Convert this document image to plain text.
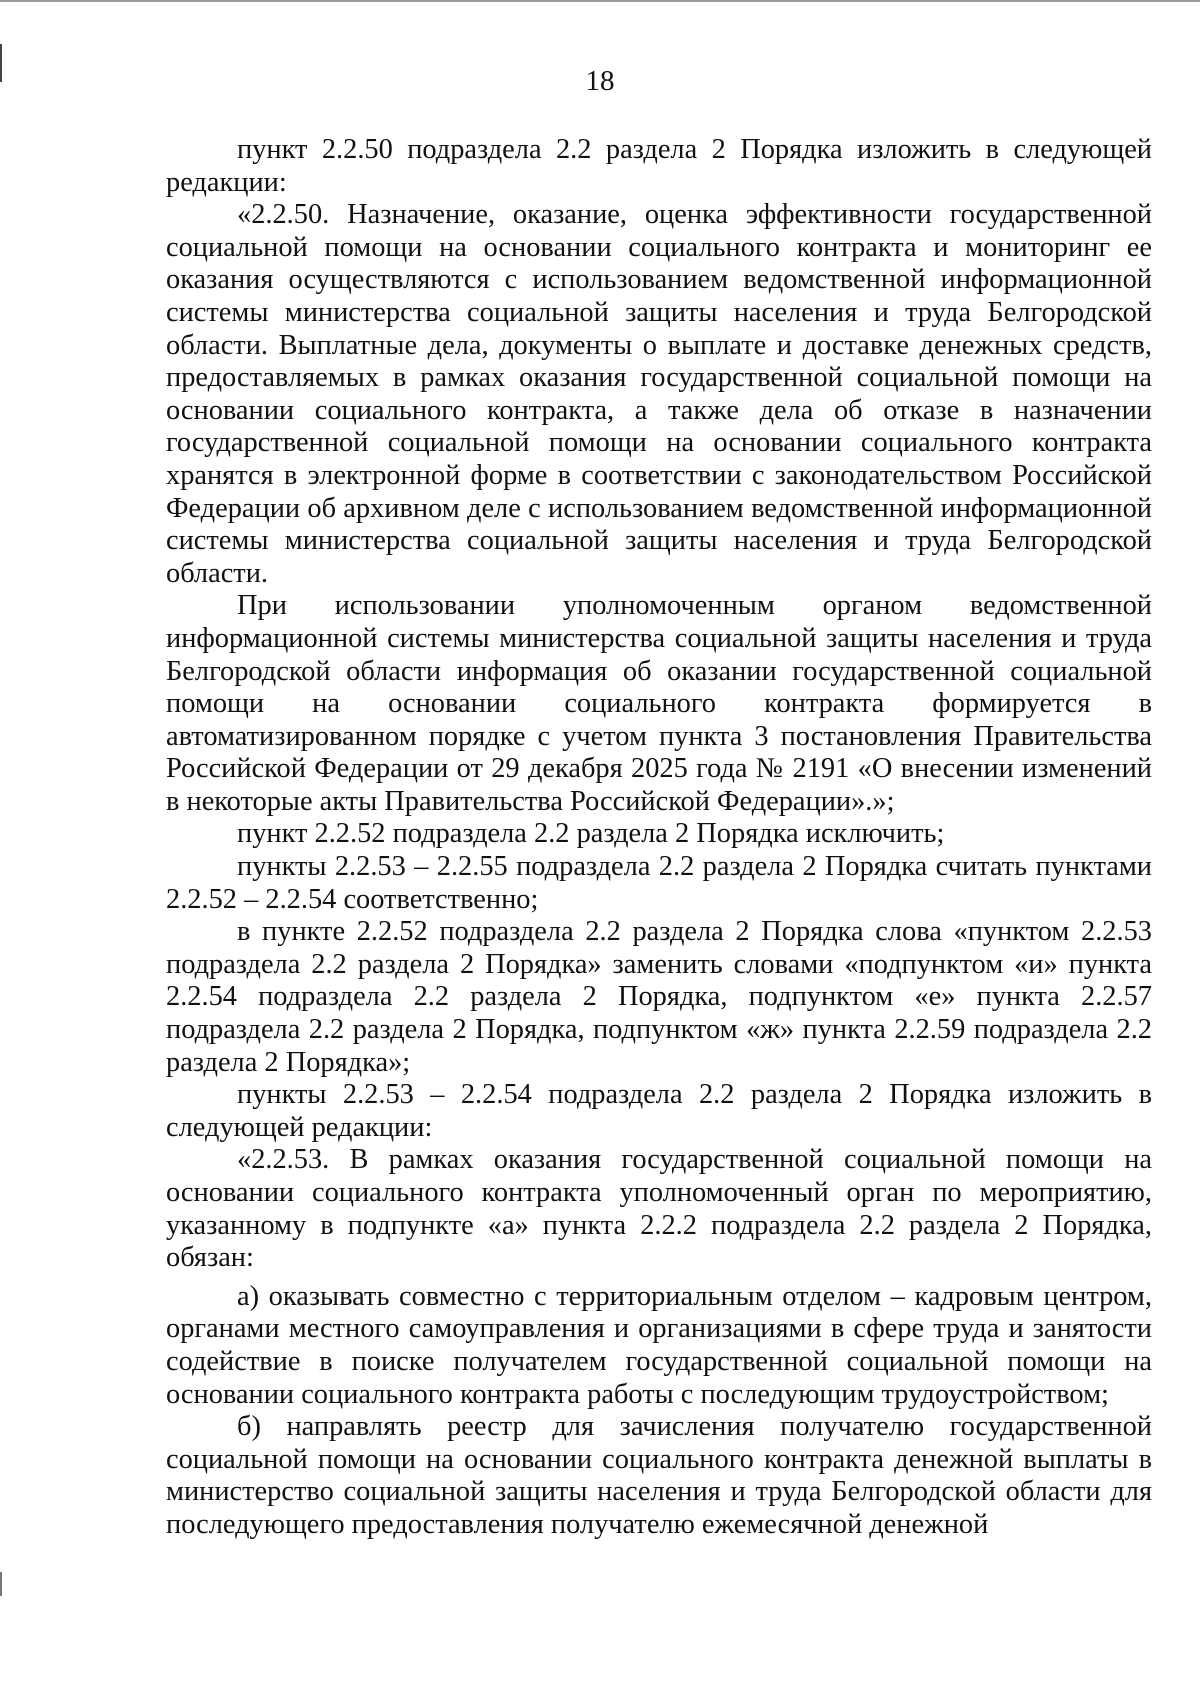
18

пункт 2.2.50 подраздела 2.2 раздела 2 Порядка изложить в следующей редакции:

«2.2.50. Назначение, оказание, оценка эффективности государственной социальной помощи на основании социального контракта и мониторинг ее оказания осуществляются с использованием ведомственной информационной системы министерства социальной защиты населения и труда Белгородской области. Выплатные дела, документы о выплате и доставке денежных средств, предоставляемых в рамках оказания государственной социальной помощи на основании социального контракта, а также дела об отказе в назначении государственной социальной помощи на основании социального контракта хранятся в электронной форме в соответствии с законодательством Российской Федерации об архивном деле с использованием ведомственной информационной системы министерства социальной защиты населения и труда Белгородской области.

При использовании уполномоченным органом ведомственной информационной системы министерства социальной защиты населения и труда Белгородской области информация об оказании государственной социальной помощи на основании социального контракта формируется в автоматизированном порядке с учетом пункта 3 постановления Правительства Российской Федерации от 29 декабря 2025 года № 2191 «О внесении изменений в некоторые акты Правительства Российской Федерации».»;

пункт 2.2.52 подраздела 2.2 раздела 2 Порядка исключить;

пункты 2.2.53 – 2.2.55 подраздела 2.2 раздела 2 Порядка считать пунктами 2.2.52 – 2.2.54 соответственно;

в пункте 2.2.52 подраздела 2.2 раздела 2 Порядка слова «пунктом 2.2.53 подраздела 2.2 раздела 2 Порядка» заменить словами «подпунктом «и» пункта 2.2.54 подраздела 2.2 раздела 2 Порядка, подпунктом «е» пункта 2.2.57 подраздела 2.2 раздела 2 Порядка, подпунктом «ж» пункта 2.2.59 подраздела 2.2 раздела 2 Порядка»;

пункты 2.2.53 – 2.2.54 подраздела 2.2 раздела 2 Порядка изложить в следующей редакции:

«2.2.53. В рамках оказания государственной социальной помощи на основании социального контракта уполномоченный орган по мероприятию, указанному в подпункте «а» пункта 2.2.2 подраздела 2.2 раздела 2 Порядка, обязан:

а) оказывать совместно с территориальным отделом – кадровым центром, органами местного самоуправления и организациями в сфере труда и занятости содействие в поиске получателем государственной социальной помощи на основании социального контракта работы с последующим трудоустройством;

б) направлять реестр для зачисления получателю государственной социальной помощи на основании социального контракта денежной выплаты в министерство социальной защиты населения и труда Белгородской области для последующего предоставления получателю ежемесячной денежной
